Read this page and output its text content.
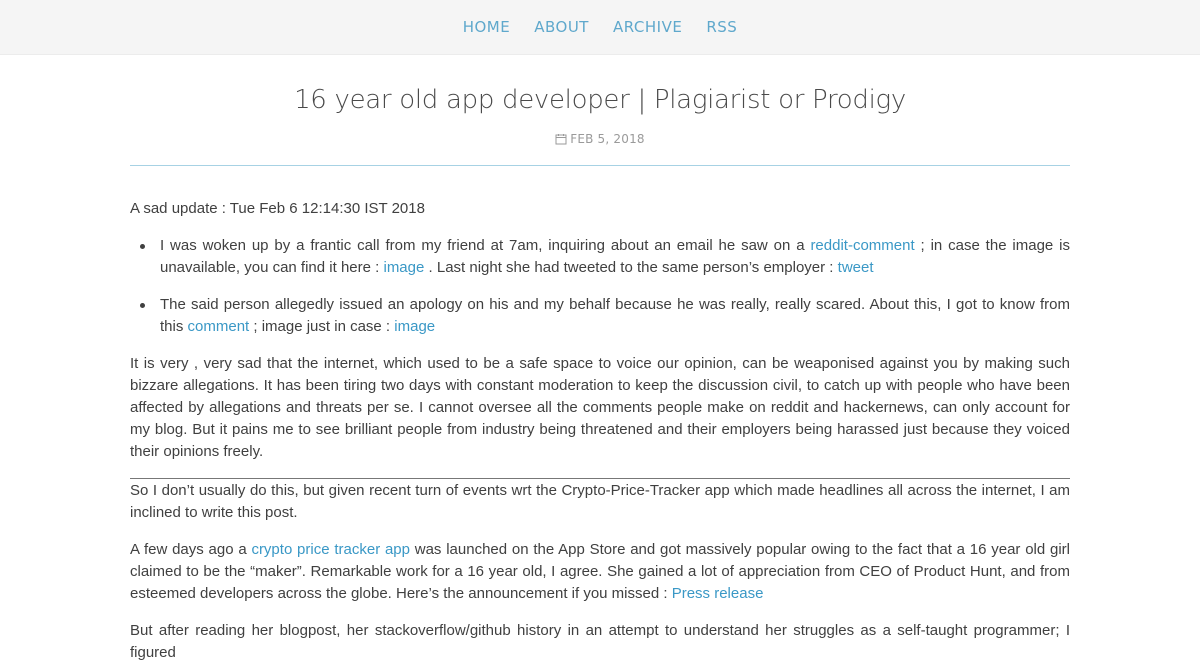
HOME ABOUT ARCHIVE RSS
16 year old app developer | Plagiarist or Prodigy
FEB 5, 2018

A sad update : Tue Feb 6 12:14:30 IST 2018

I was woken up by a frantic call from my friend at 7am, inquiring about an email he saw on a reddit-comment ; in case the image is unavailable, you can find it here : image . Last night she had tweeted to the same person’s employer : tweet
The said person allegedly issued an apology on his and my behalf because he was really, really scared. About this, I got to know from this comment ; image just in case : image

It is very , very sad that the internet, which used to be a safe space to voice our opinion, can be weaponised against you by making such bizzare allegations. It has been tiring two days with constant moderation to keep the discussion civil, to catch up with people who have been affected by allegations and threats per se. I cannot oversee all the comments people make on reddit and hackernews, can only account for my blog. But it pains me to see brilliant people from industry being threatened and their employers being harassed just because they voiced their opinions freely.

So I don’t usually do this, but given recent turn of events wrt the Crypto-Price-Tracker app which made headlines all across the internet, I am inclined to write this post.

A few days ago a crypto price tracker app was launched on the App Store and got massively popular owing to the fact that a 16 year old girl claimed to be the “maker”. Remarkable work for a 16 year old, I agree. She gained a lot of appreciation from CEO of Product Hunt, and from esteemed developers across the globe. Here’s the announcement if you missed : Press release

But after reading her blogpost, her stackoverflow/github history in an attempt to understand her struggles as a self-taught programmer; I figured
